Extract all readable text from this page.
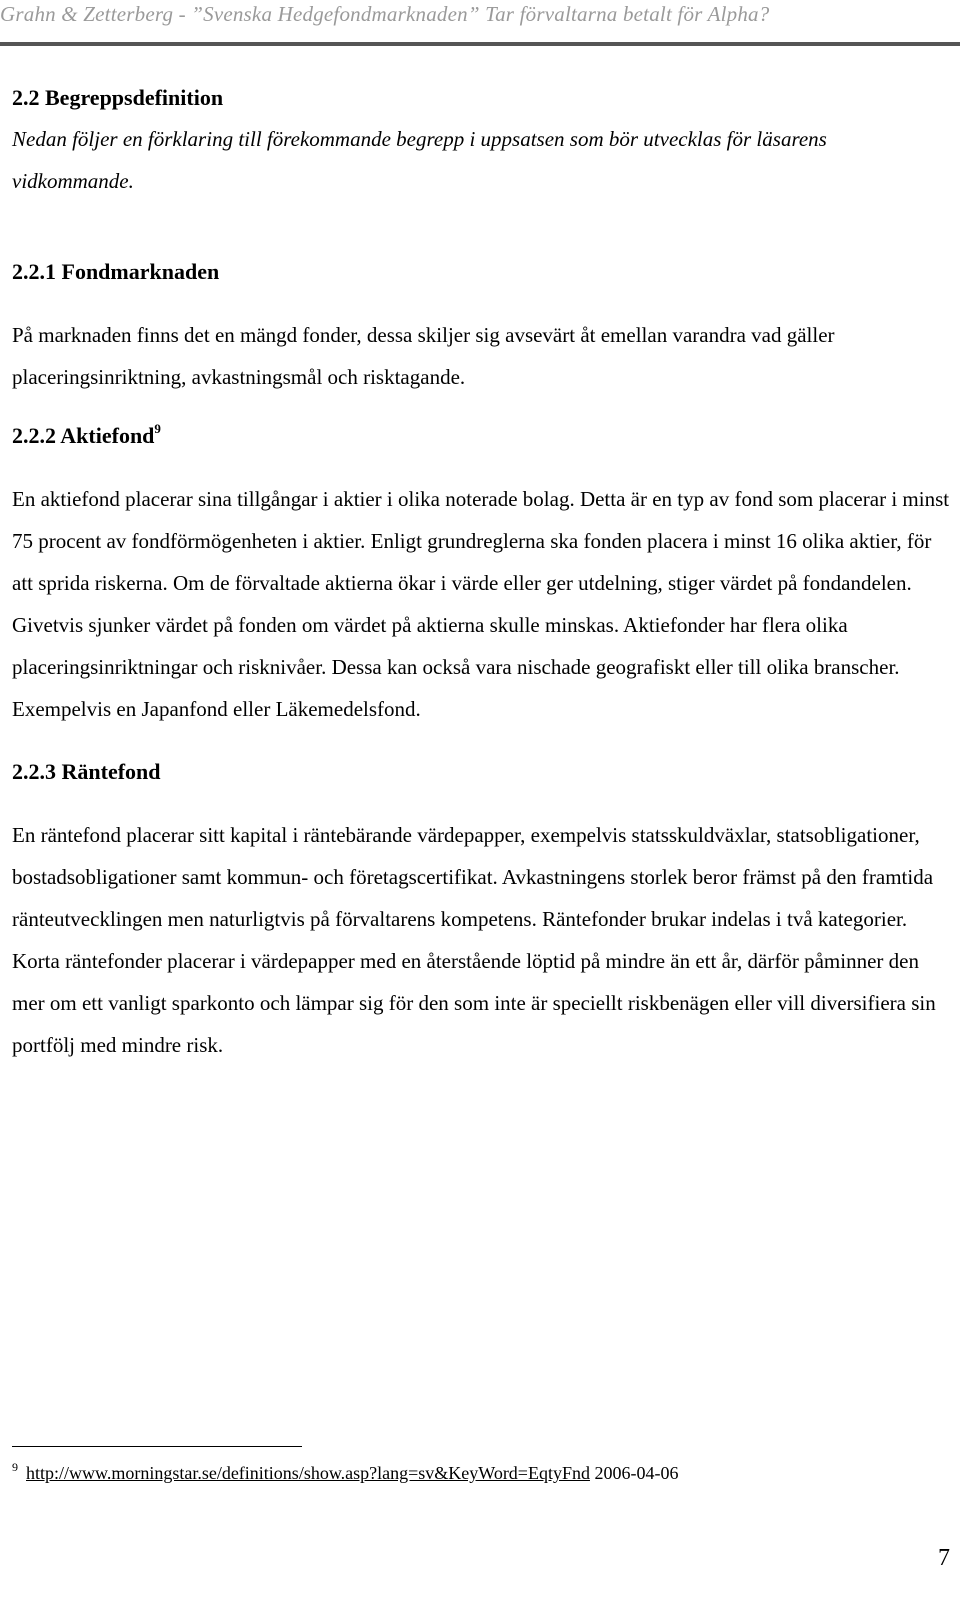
Grahn & Zetterberg - ”Svenska Hedgefondmarknaden” Tar förvaltarna betalt för Alpha?
2.2 Begreppsdefinition

Nedan följer en förklaring till förekommande begrepp i uppsatsen som bör utvecklas för läsarens vidkommande.

2.2.1 Fondmarknaden

På marknaden finns det en mängd fonder, dessa skiljer sig avsevärt åt emellan varandra vad gäller placeringsinriktning, avkastningsmål och risktagande.

2.2.2 Aktiefond$^9$

En aktiefond placerar sina tillgångar i aktier i olika noterade bolag. Detta är en typ av fond som placerar i minst 75 procent av fondförmögenheten i aktier. Enligt grundreglerna ska fonden placera i minst 16 olika aktier, för att sprida riskerna. Om de förvaltade aktierna ökar i värde eller ger utdelning, stiger värdet på fondandelen. Givetvis sjunker värdet på fonden om värdet på aktierna skulle minskas. Aktiefonder har flera olika placeringsinriktningar och risknivåer. Dessa kan också vara nischade geografiskt eller till olika branscher. Exempelvis en Japanfond eller Läkemedelsfond.

2.2.3 Räntefond

En räntefond placerar sitt kapital i räntebärande värdepapper, exempelvis statsskuldväxlar, statsobligationer, bostadsobligationer samt kommun- och företagscertifikat. Avkastningens storlek beror främst på den framtida ränteutvecklingen men naturligtvis på förvaltarens kompetens. Räntefonder brukar indelas i två kategorier.

Korta räntefonder placerar i värdepapper med en återstående löptid på mindre än ett år, därför påminner den mer om ett vanligt sparkonto och lämpar sig för den som inte är speciellt riskbenägen eller vill diversifiera sin portfölj med mindre risk.

$^9$ http://www.morningstar.se/definitions/show.asp?lang=sv&KeyWord=EqtyFnd 2006-04-06
7
